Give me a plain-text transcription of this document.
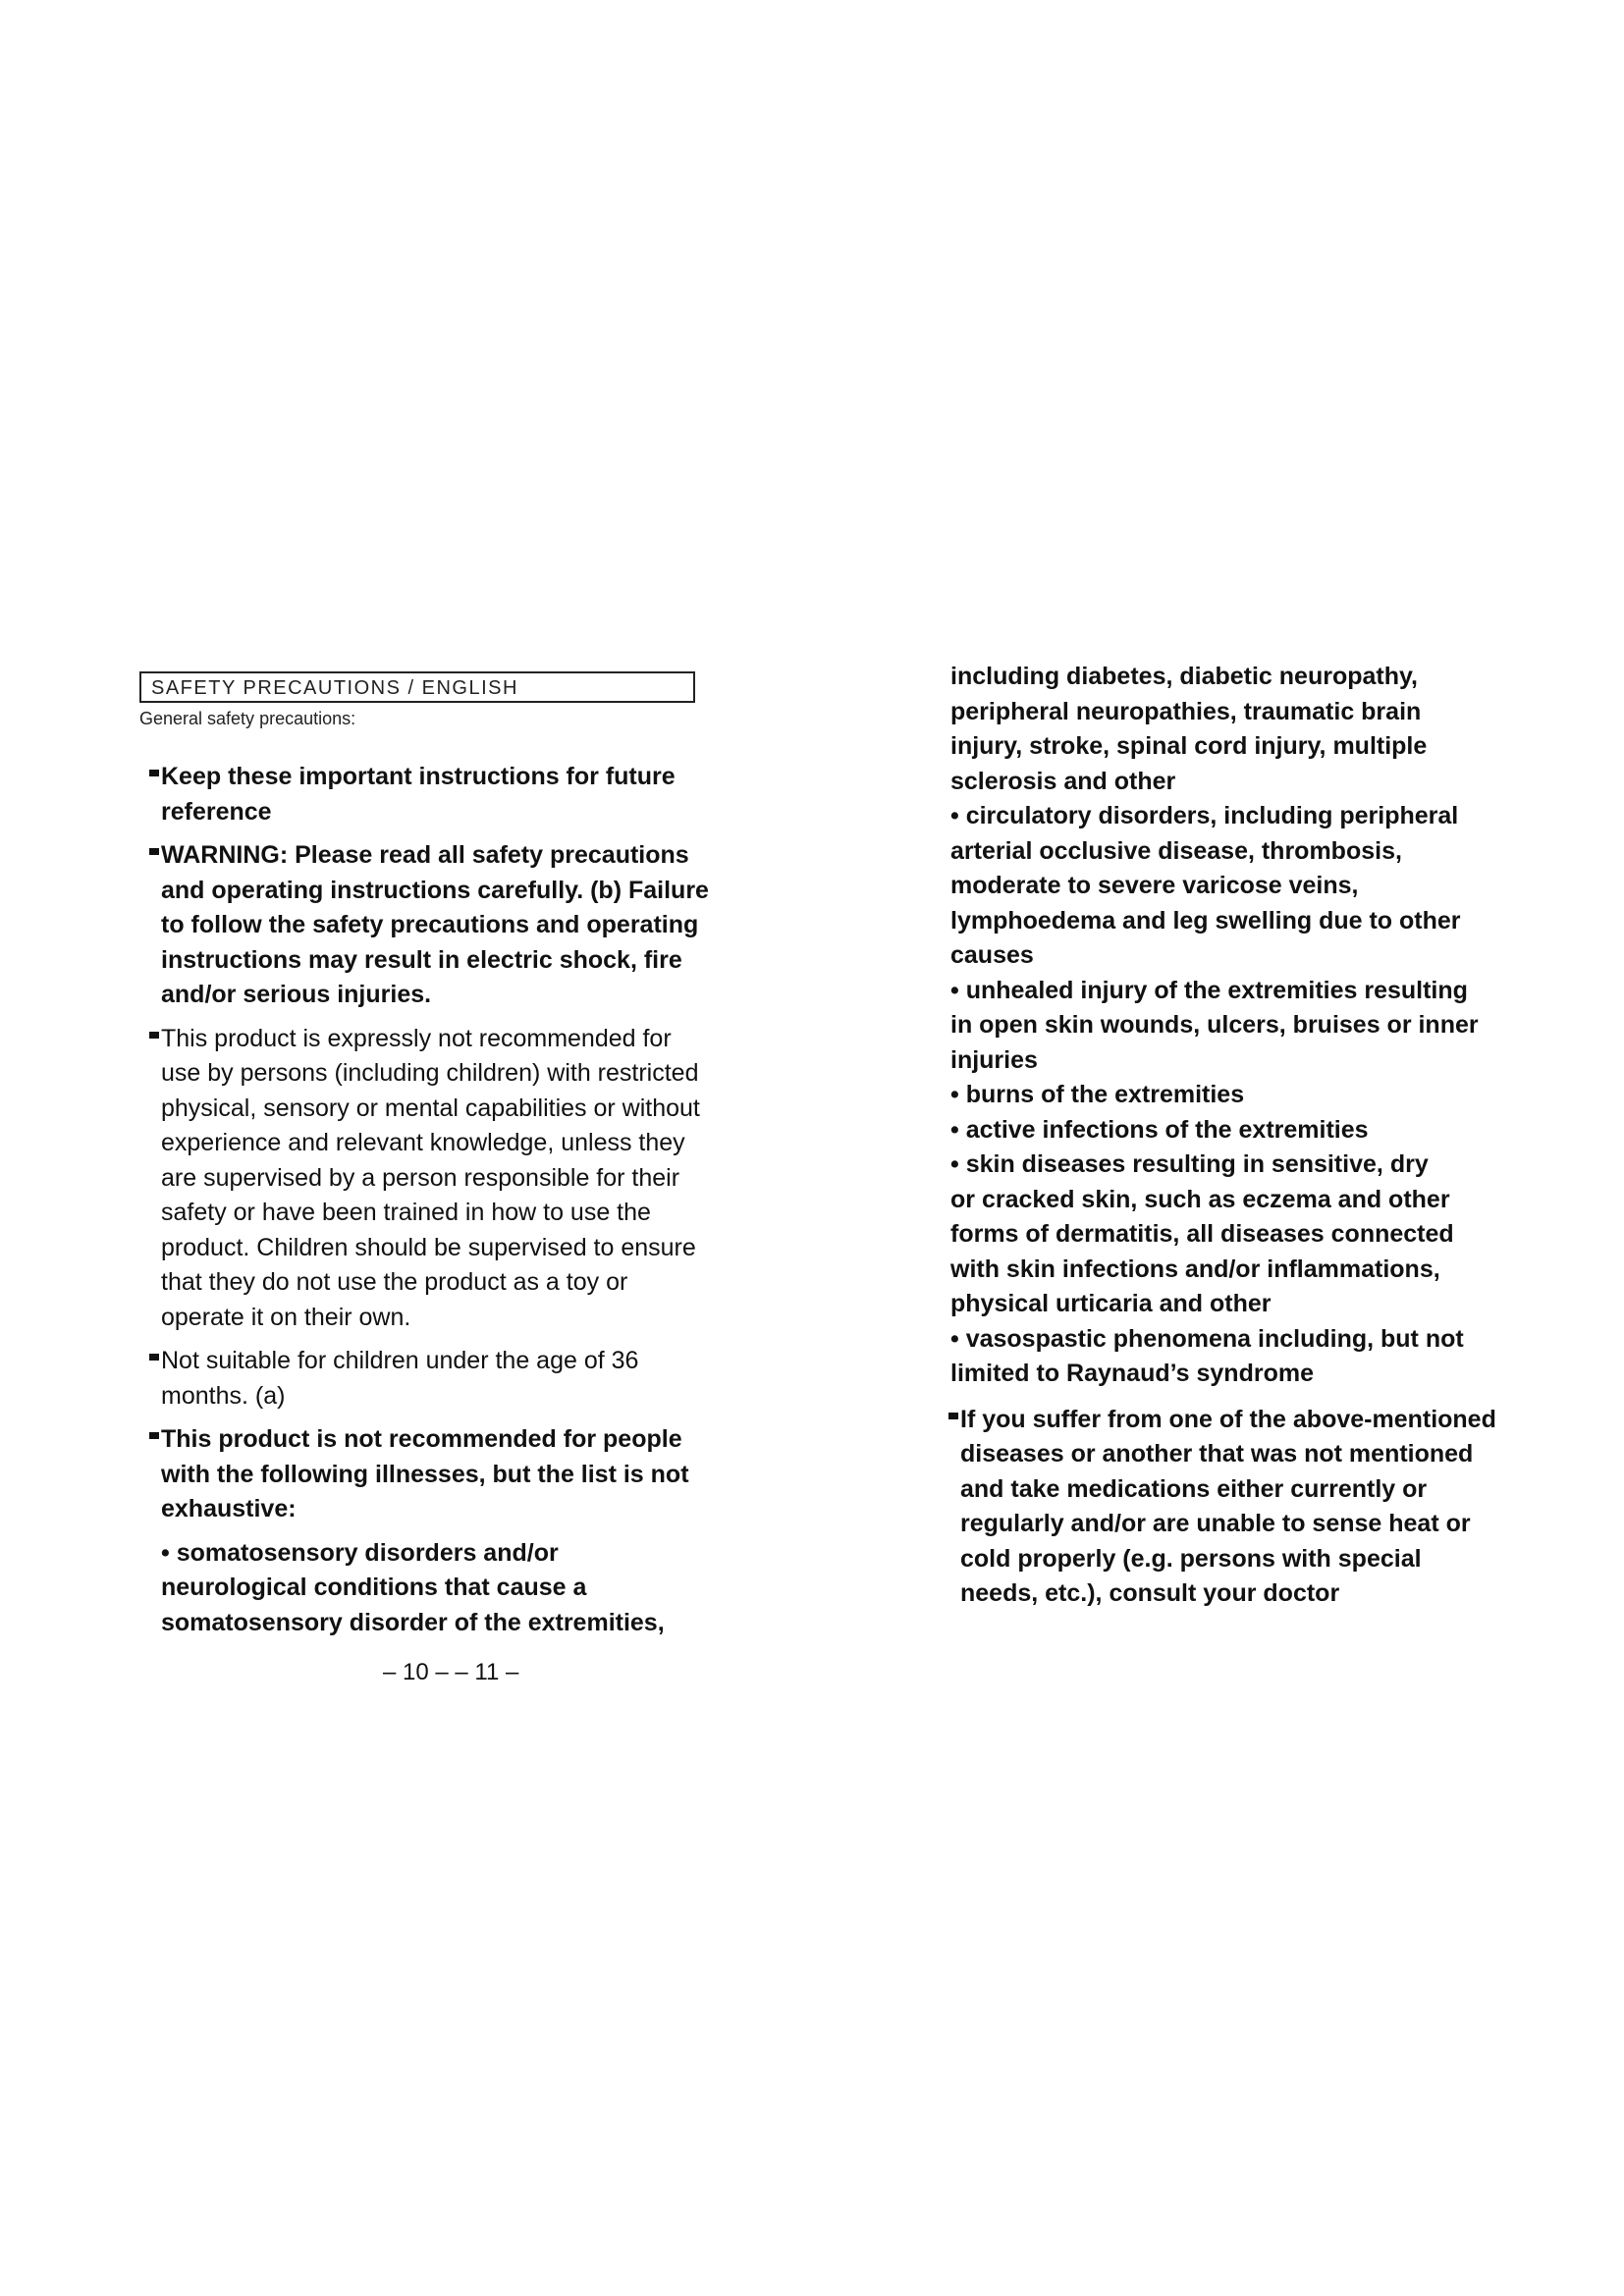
SAFETY PRECAUTIONS / ENGLISH
General safety precautions:
Keep these important instructions for future reference
WARNING: Please read all safety precautions and operating instructions carefully. (b) Failure to follow the safety precautions and operating instructions may result in electric shock, fire and/or serious injuries.
This product is expressly not recommended for use by persons (including children) with restricted physical, sensory or mental capabilities or without experience and relevant knowledge, unless they are supervised by a person responsible for their safety or have been trained in how to use the product. Children should be supervised to ensure that they do not use the product as a toy or operate it on their own.
Not suitable for children under the age of 36 months. (a)
This product is not recommended for people with the following illnesses, but the list is not exhaustive:
• somatosensory disorders and/or
neurological conditions that cause a
somatosensory disorder of the extremities,
including diabetes, diabetic neuropathy,
peripheral neuropathies, traumatic brain
injury, stroke, spinal cord injury, multiple
sclerosis and other
• circulatory disorders, including peripheral
arterial occlusive disease, thrombosis,
moderate to severe varicose veins,
lymphoedema and leg swelling due to other
causes
• unhealed injury of the extremities resulting
in open skin wounds, ulcers, bruises or inner
injuries
• burns of the extremities
• active infections of the extremities
• skin diseases resulting in sensitive, dry
or cracked skin, such as eczema and other
forms of dermatitis, all diseases connected
with skin infections and/or inflammations,
physical urticaria and other
• vasospastic phenomena including, but not
limited to Raynaud’s syndrome
If you suffer from one of the above-mentioned diseases or another that was not mentioned and take medications either currently or regularly and/or are unable to sense heat or cold properly (e.g. persons with special needs, etc.), consult your doctor
– 10 – – 11 –
